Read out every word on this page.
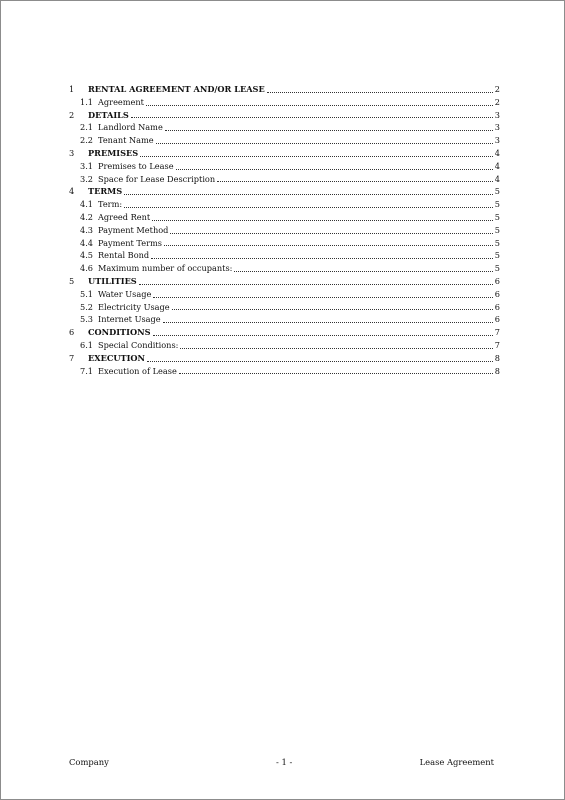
1 RENTAL AGREEMENT AND/OR LEASE	2
1.1 Agreement	2
2 DETAILS	3
2.1 Landlord Name	3
2.2 Tenant Name	3
3 PREMISES	4
3.1 Premises to Lease	4
3.2 Space for Lease Description	4
4 TERMS	5
4.1 Term:	5
4.2 Agreed Rent	5
4.3 Payment Method	5
4.4 Payment Terms	5
4.5 Rental Bond	5
4.6 Maximum number of occupants:	5
5 UTILITIES	6
5.1 Water Usage	6
5.2 Electricity Usage	6
5.3 Internet Usage	6
6 CONDITIONS	7
6.1 Special Conditions:	7
7 EXECUTION	8
7.1 Execution of Lease	8
Company	- 1 -	Lease Agreement
